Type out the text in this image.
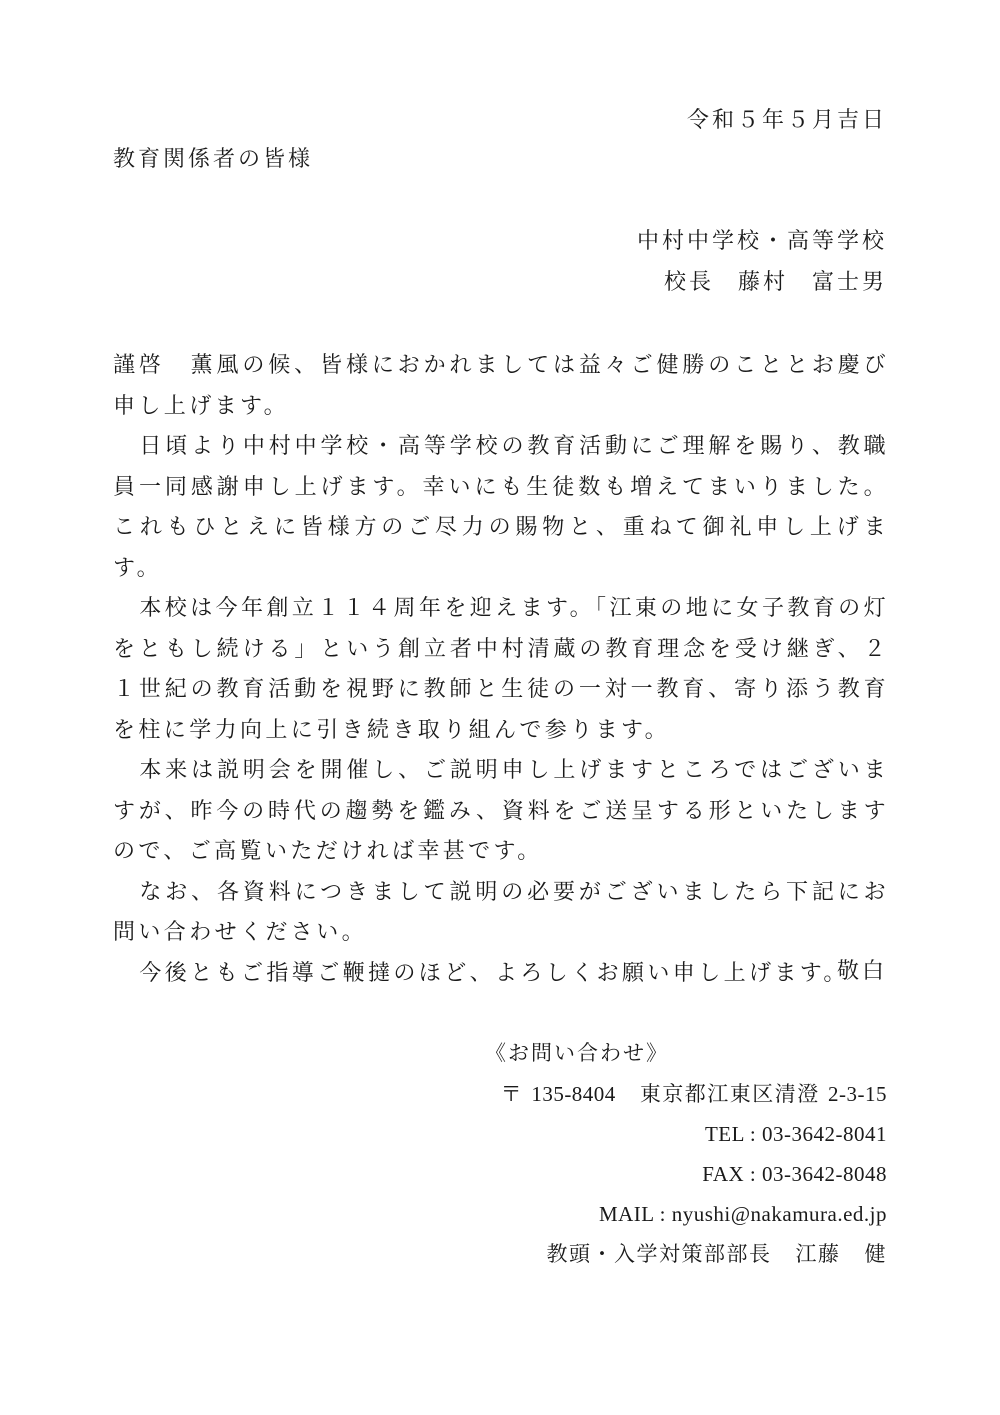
令和５年５月吉日
教育関係者の皆様
中村中学校・高等学校
校長 藤村 富士男

謹啓　薫風の候、皆様におかれましては益々ご健勝のこととお慶び申し上げます。

日頃より中村中学校・高等学校の教育活動にご理解を賜り、教職員一同感謝申し上げます。幸いにも生徒数も増えてまいりました。これもひとえに皆様方のご尽力の賜物と、重ねて御礼申し上げます。

本校は今年創立１１４周年を迎えます。「江東の地に女子教育の灯をともし続ける」という創立者中村清蔵の教育理念を受け継ぎ、２１世紀の教育活動を視野に教師と生徒の一対一教育、寄り添う教育を柱に学力向上に引き続き取り組んで参ります。

本来は説明会を開催し、ご説明申し上げますところではございますが、昨今の時代の趨勢を鑑み、資料をご送呈する形といたしますので、ご高覧いただければ幸甚です。

なお、各資料につきまして説明の必要がございましたら下記にお問い合わせください。

今後ともご指導ご鞭撻のほど、よろしくお願い申し上げます。

敬白
《お問い合わせ》
〒 135-8404 東京都江東区清澄 2-3-15
TEL : 03-3642-8041
FAX : 03-3642-8048
MAIL : nyushi@nakamura.ed.jp
教頭・入学対策部部長 江藤 健
